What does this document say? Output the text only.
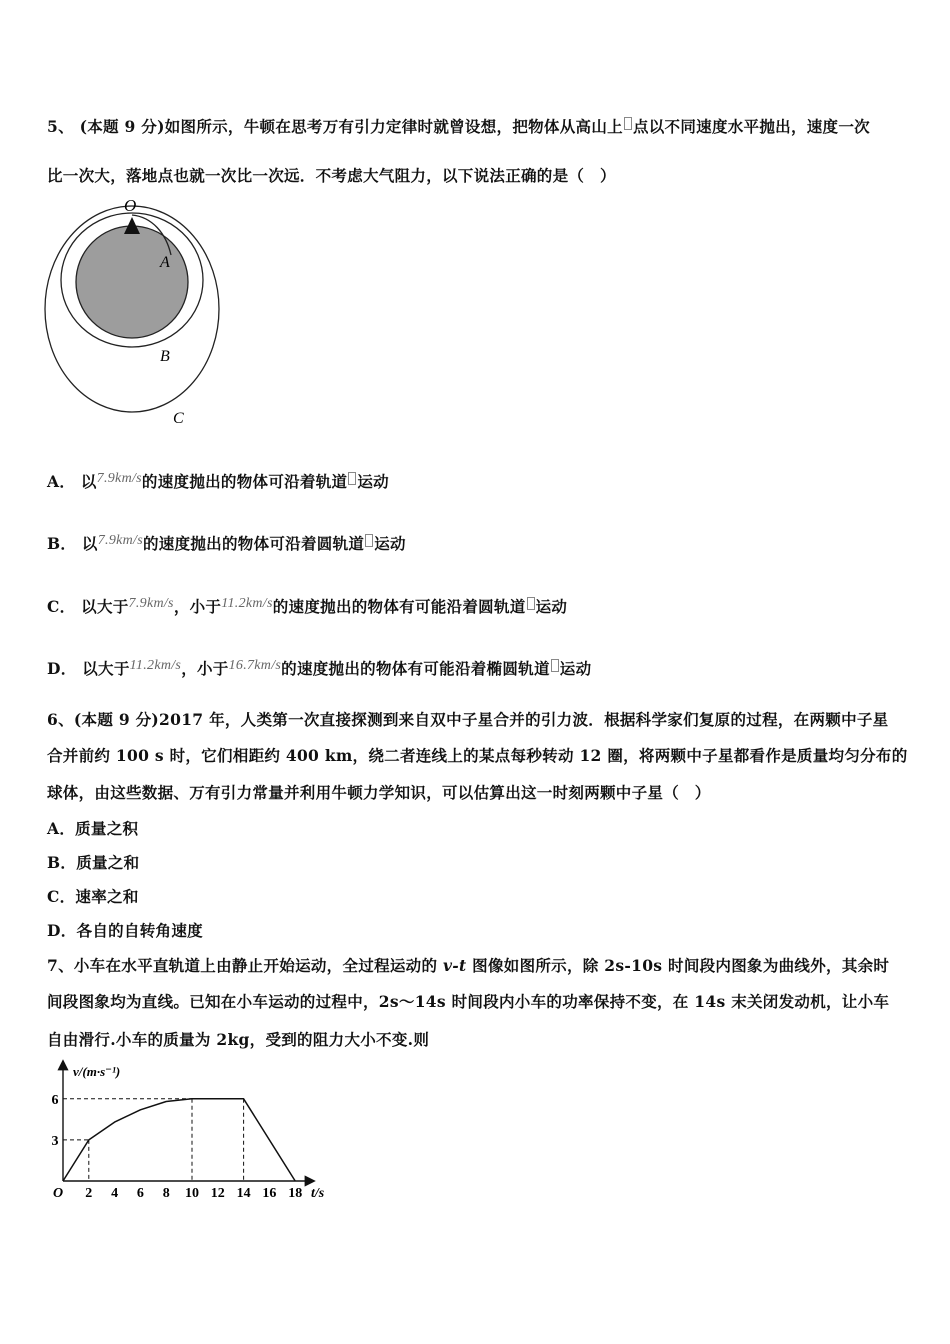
5、 (本题 9 分)如图所示，牛顿在思考万有引力定律时就曾设想，把物体从高山上 点以不同速度水平抛出，速度一次
比一次大，落地点也就一次比一次远．不考虑大气阻力，以下说法正确的是（　）
O
A
B
C
A． 以7.9km/s的速度抛出的物体可沿着轨道 运动
B． 以7.9km/s的速度抛出的物体可沿着圆轨道 运动
C． 以大于7.9km/s，小于11.2km/s的速度抛出的物体有可能沿着圆轨道 运动
D． 以大于11.2km/s，小于16.7km/s的速度抛出的物体有可能沿着椭圆轨道 运动
6、(本题 9 分)2017 年，人类第一次直接探测到来自双中子星合并的引力波．根据科学家们复原的过程，在两颗中子星
合并前约 100 s 时，它们相距约 400 km，绕二者连线上的某点每秒转动 12 圈，将两颗中子星都看作是质量均匀分布的
球体，由这些数据、万有引力常量并利用牛顿力学知识，可以估算出这一时刻两颗中子星（　）
A．质量之积
B．质量之和
C．速率之和
D．各自的自转角速度
7、小车在水平直轨道上由静止开始运动，全过程运动的 v-t 图像如图所示，除 2s-10s 时间段内图象为曲线外，其余时
间段图象均为直线。已知在小车运动的过程中，2s～14s 时间段内小车的功率保持不变，在 14s 末关闭发动机，让小车
自由滑行.小车的质量为 2kg，受到的阻力大小不变.则
2 4 6 8 10 12 14 16 18
3
6
v/(m·s⁻¹)
t/s
O
